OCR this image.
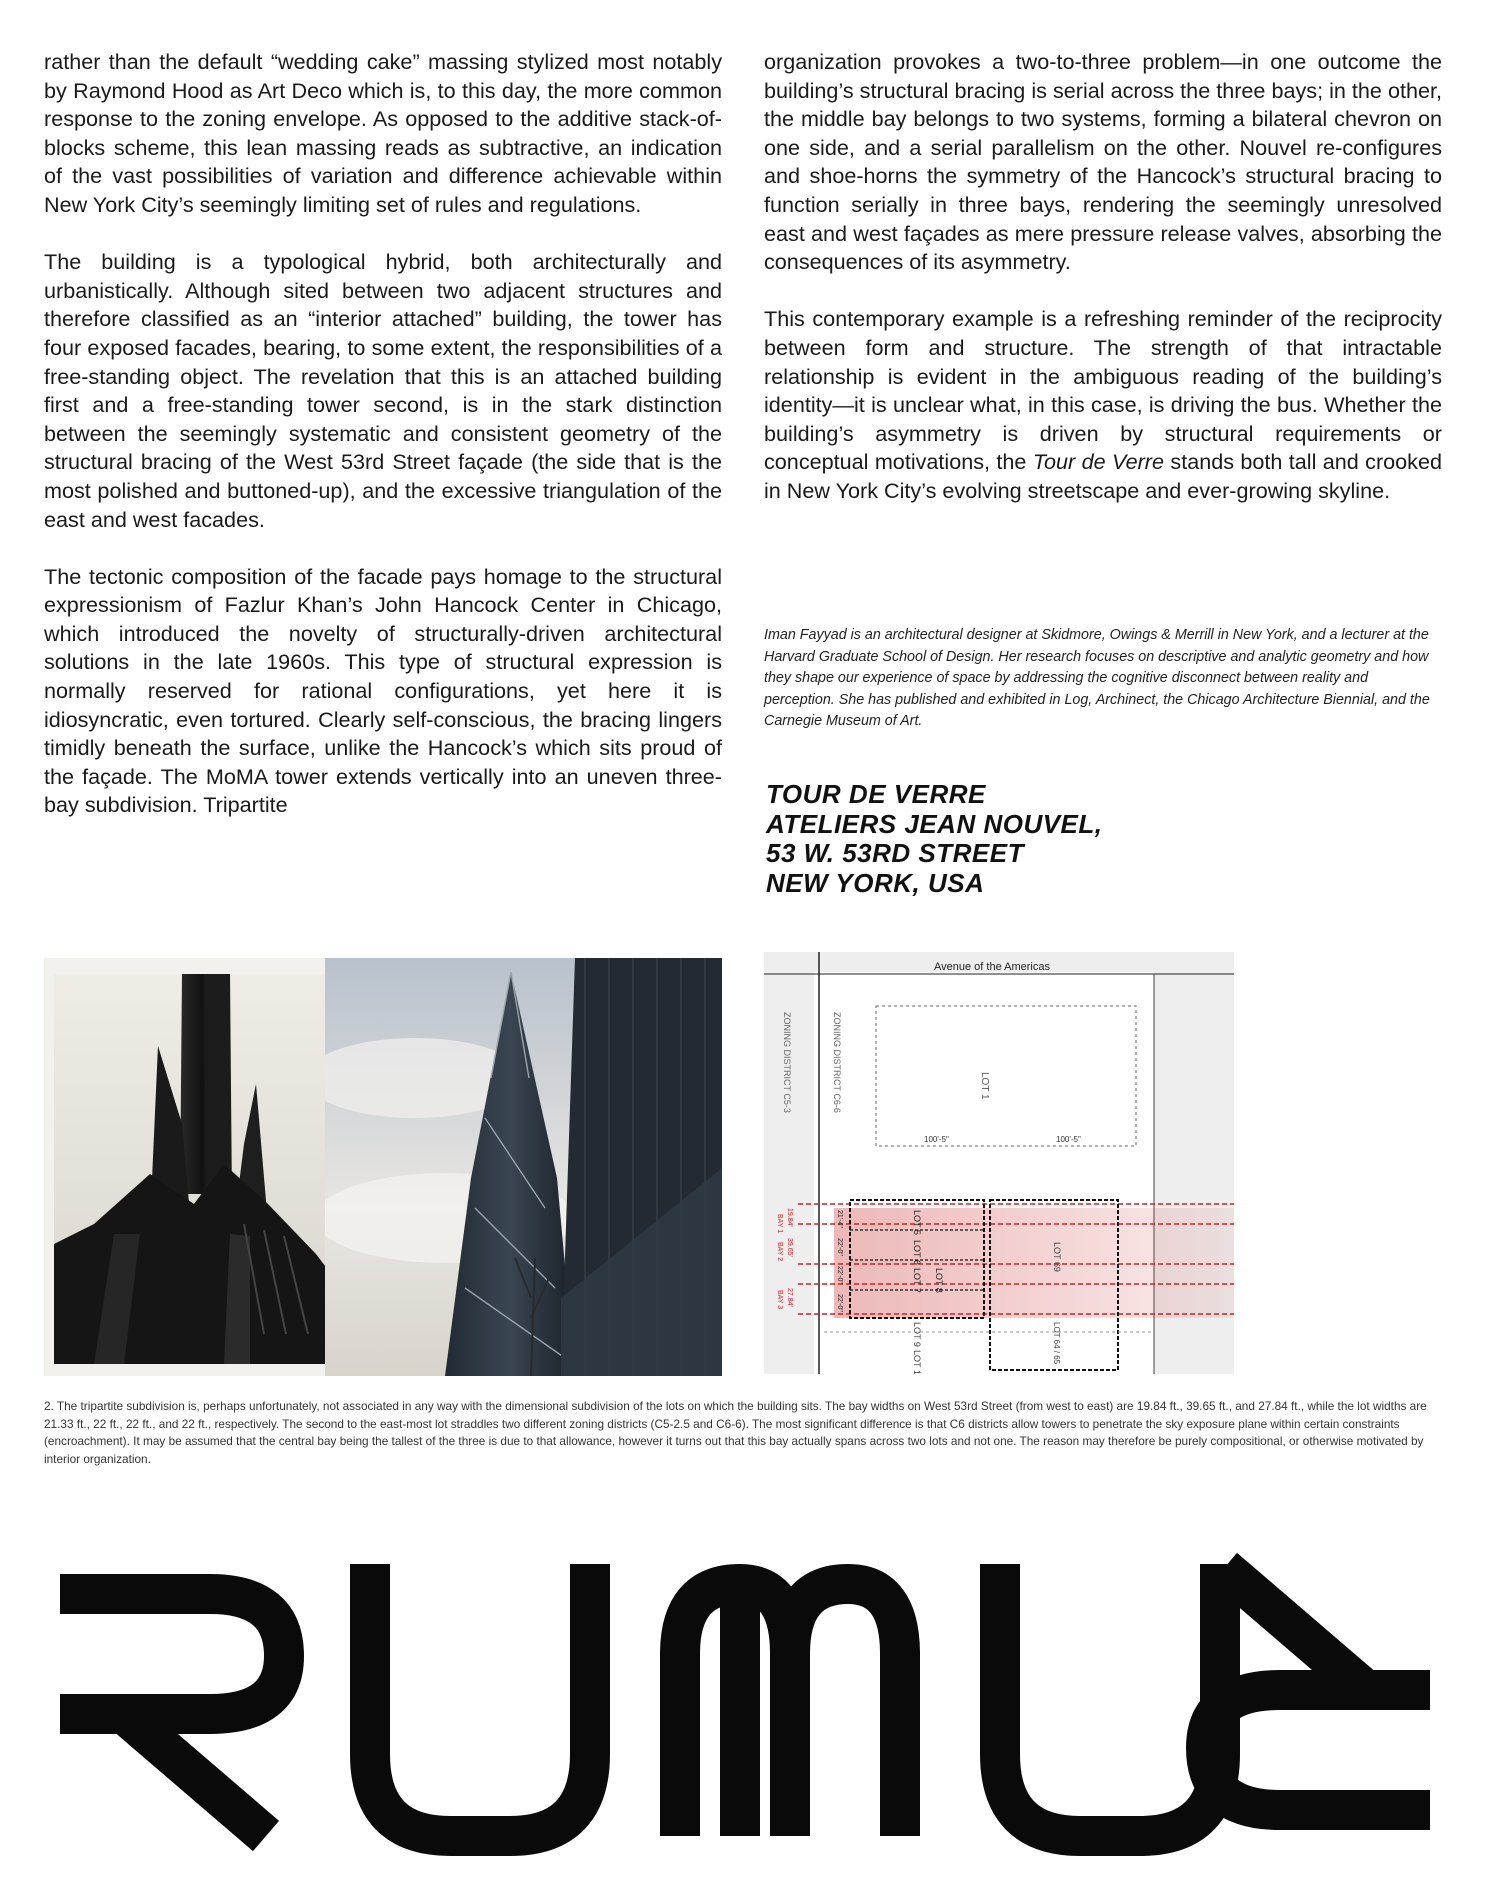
rather than the default “wedding cake” massing stylized most notably by Raymond Hood as Art Deco which is, to this day, the more common response to the zoning envelope. As opposed to the additive stack-of-blocks scheme, this lean massing reads as subtractive, an indication of the vast possibilities of variation and difference achievable within New York City’s seemingly limiting set of rules and regulations.

The building is a typological hybrid, both architecturally and urbanistically. Although sited between two adjacent structures and therefore classified as an “interior attached” building, the tower has four exposed facades, bearing, to some extent, the responsibilities of a free-standing object. The revelation that this is an attached building first and a free-standing tower second, is in the stark distinction between the seemingly systematic and consistent geometry of the structural bracing of the West 53rd Street façade (the side that is the most polished and buttoned-up), and the excessive triangulation of the east and west facades.

The tectonic composition of the facade pays homage to the structural expressionism of Fazlur Khan’s John Hancock Center in Chicago, which introduced the novelty of structurally-driven architectural solutions in the late 1960s. This type of structural expression is normally reserved for rational configurations, yet here it is idiosyncratic, even tortured. Clearly self-conscious, the bracing lingers timidly beneath the surface, unlike the Hancock’s which sits proud of the façade. The MoMA tower extends vertically into an uneven three-bay subdivision. Tripartite

organization provokes a two-to-three problem—in one outcome the building’s structural bracing is serial across the three bays; in the other, the middle bay belongs to two systems, forming a bilateral chevron on one side, and a serial parallelism on the other. Nouvel re-configures and shoe-horns the symmetry of the Hancock’s structural bracing to function serially in three bays, rendering the seemingly unresolved east and west façades as mere pressure release valves, absorbing the consequences of its asymmetry.

This contemporary example is a refreshing reminder of the reciprocity between form and structure. The strength of that intractable relationship is evident in the ambiguous reading of the building’s identity—it is unclear what, in this case, is driving the bus. Whether the building’s asymmetry is driven by structural requirements or conceptual motivations, the Tour de Verre stands both tall and crooked in New York City’s evolving streetscape and ever-growing skyline.

Iman Fayyad is an architectural designer at Skidmore, Owings & Merrill in New York, and a lecturer at the Harvard Graduate School of Design. Her research focuses on descriptive and analytic geometry and how they shape our experience of space by addressing the cognitive disconnect between reality and perception. She has published and exhibited in Log, Archinect, the Chicago Architecture Biennial, and the Carnegie Museum of Art.
TOUR DE VERRE
ATELIERS JEAN NOUVEL,
53 W. 53RD STREET
NEW YORK, USA
Avenue of the Americas
ZONING DISTRICT C5-3	ZONING DISTRICT C6-6	LOT 1
100'-5"	100'-5"
BAY 1
BAY 2
BAY 3
19.84'
39.65'
27.84'
LOT 5
LOT 6
LOT 7 LOT 8
LOT 69
LOT 64 / 65
LOT 9
LOT 11
21'-4"
22'-0"
22'-0"
22'-0"
2. The tripartite subdivision is, perhaps unfortunately, not associated in any way with the dimensional subdivision of the lots on which the building sits. The bay widths on West 53rd Street (from west to east) are 19.84 ft., 39.65 ft., and 27.84 ft., while the lot widths are 21.33 ft., 22 ft., 22 ft., and 22 ft., respectively. The second to the east-most lot straddles two different zoning districts (C5-2.5 and C6-6). The most significant difference is that C6 districts allow towers to penetrate the sky exposure plane within certain constraints (encroachment). It may be assumed that the central bay being the tallest of the three is due to that allowance, however it turns out that this bay actually spans across two lots and not one. The reason may therefore be purely compositional, or otherwise motivated by interior organization.
